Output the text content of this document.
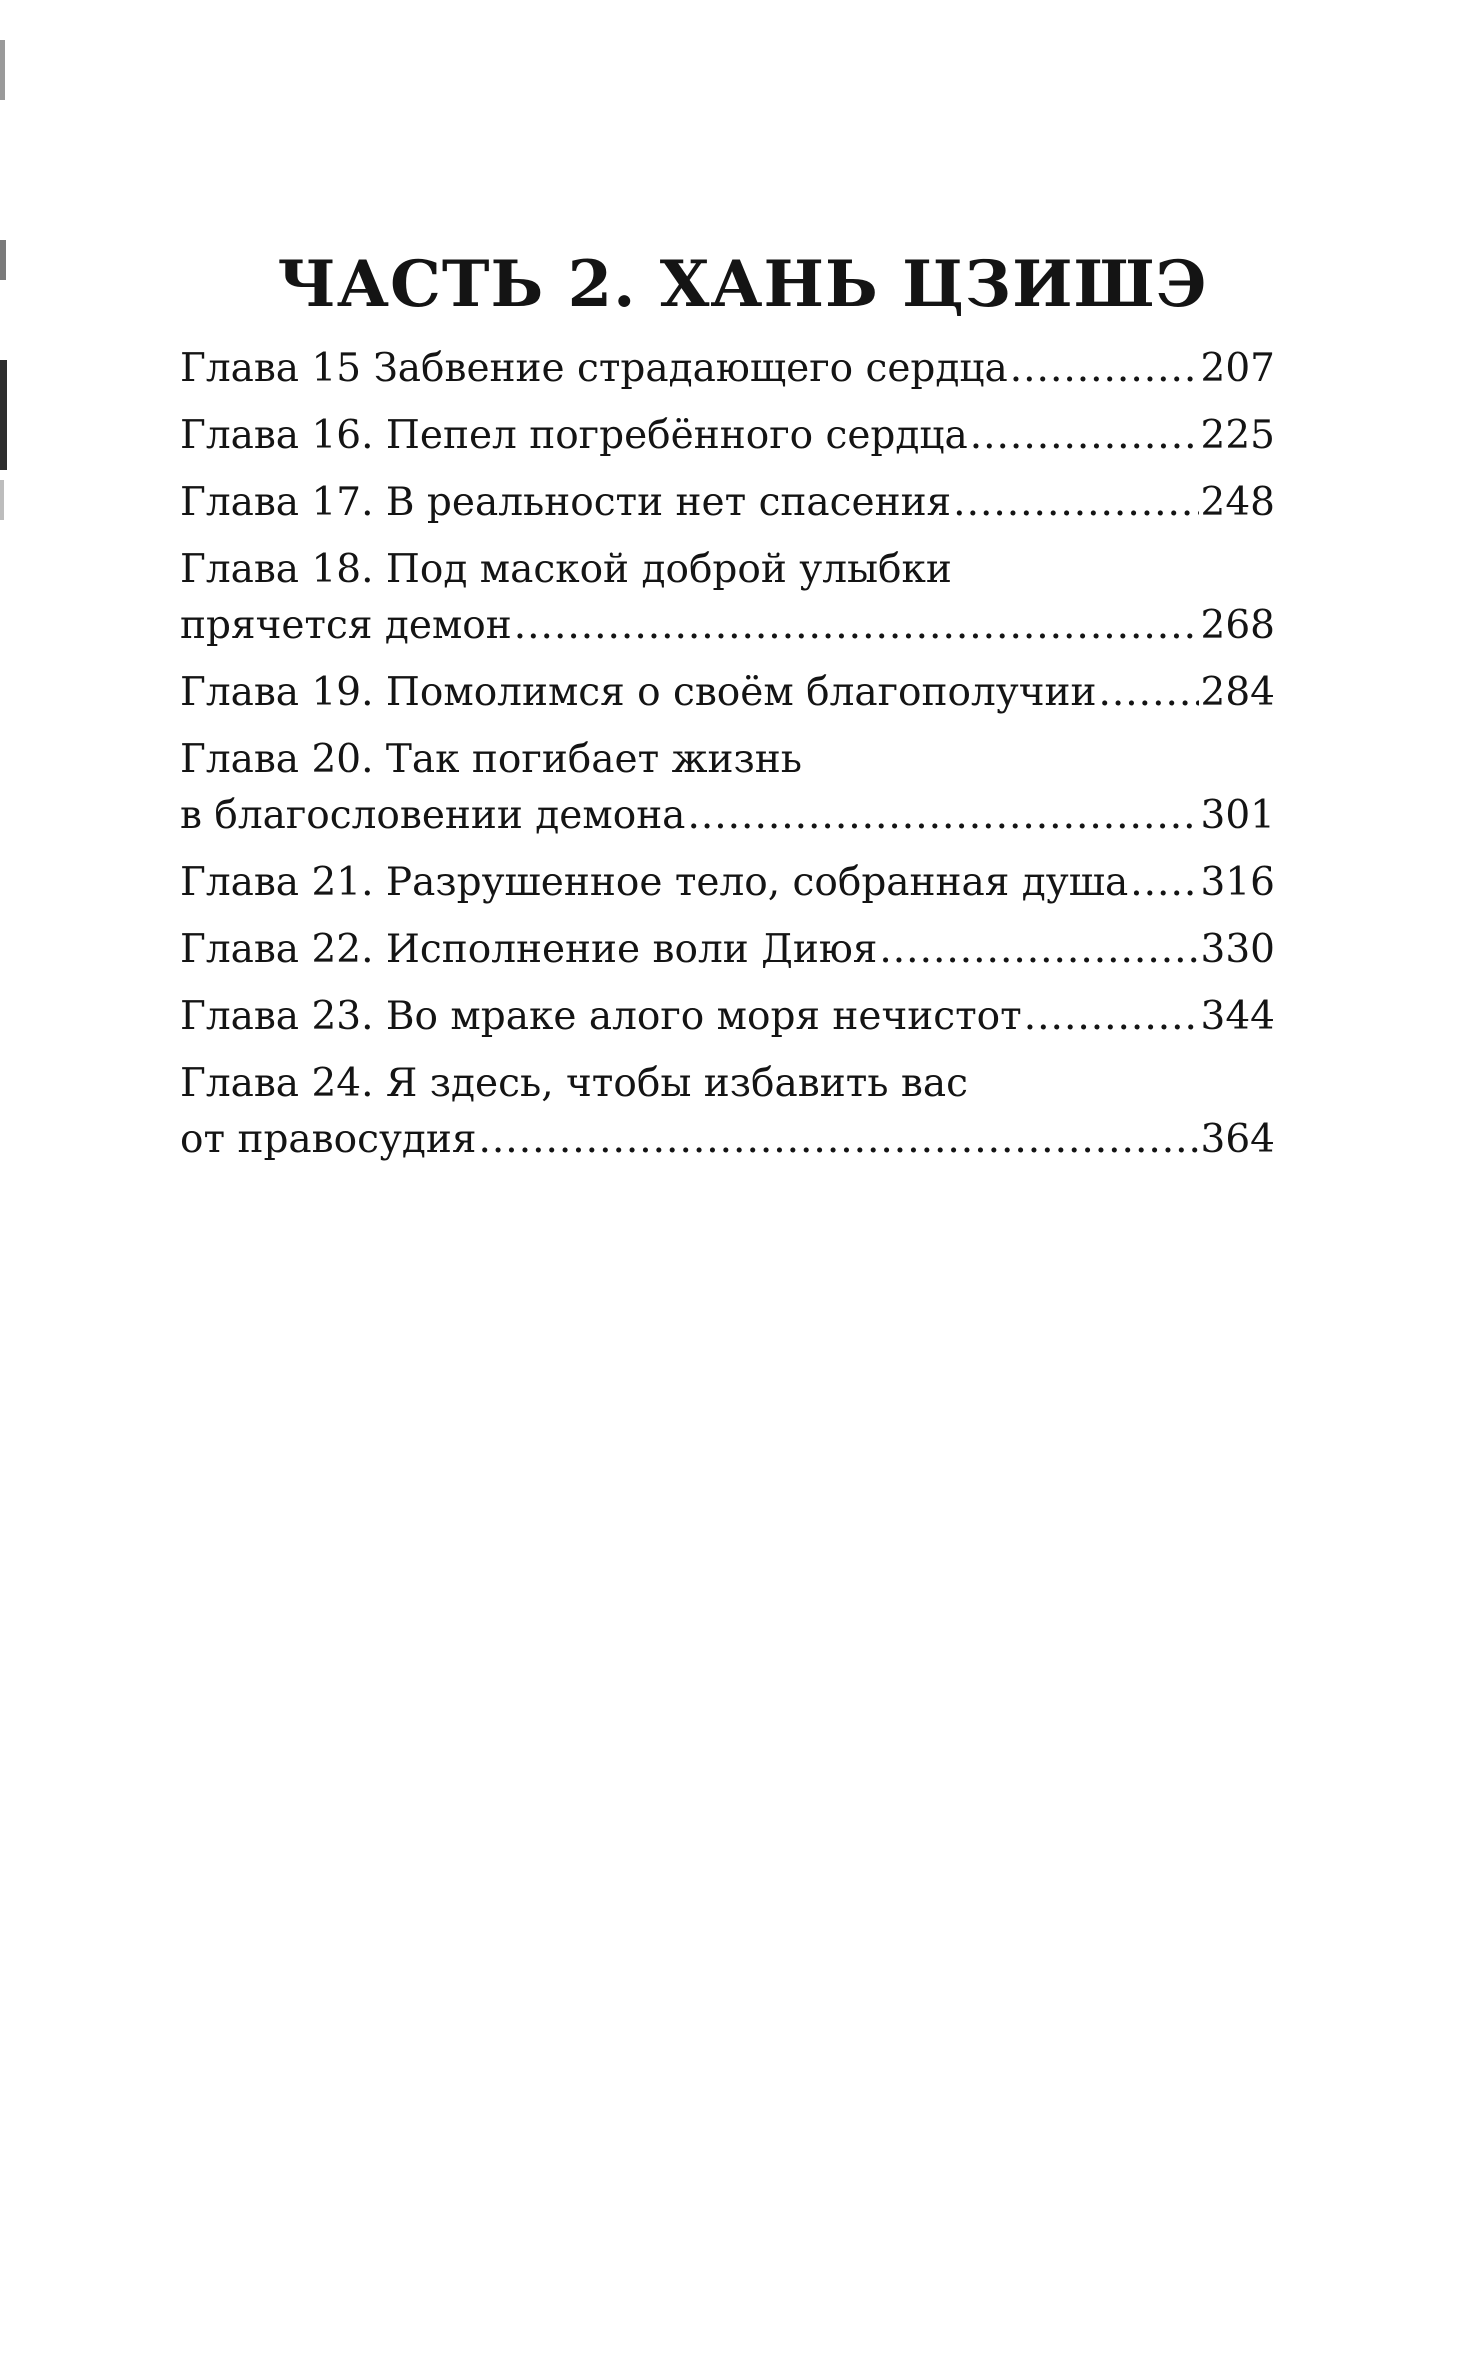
ЧАСТЬ 2. ХАНЬ ЦЗИШЭ
Глава 15 Забвение страдающего сердца .....	207
Глава 16. Пепел погребённого сердца .....	225
Глава 17. В реальности нет спасения .....	248
Глава 18. Под маской доброй улыбки
прячется демон .....	268
Глава 19. Помолимся о своём благополучии .....	284
Глава 20. Так погибает жизнь
в благословении демона .....	301
Глава 21. Разрушенное тело, собранная душа ..... 316
Глава 22. Исполнение воли Диюя .....	330
Глава 23. Во мраке алого моря нечистот .....	344
Глава 24. Я здесь, чтобы избавить вас
от правосудия .....	364
